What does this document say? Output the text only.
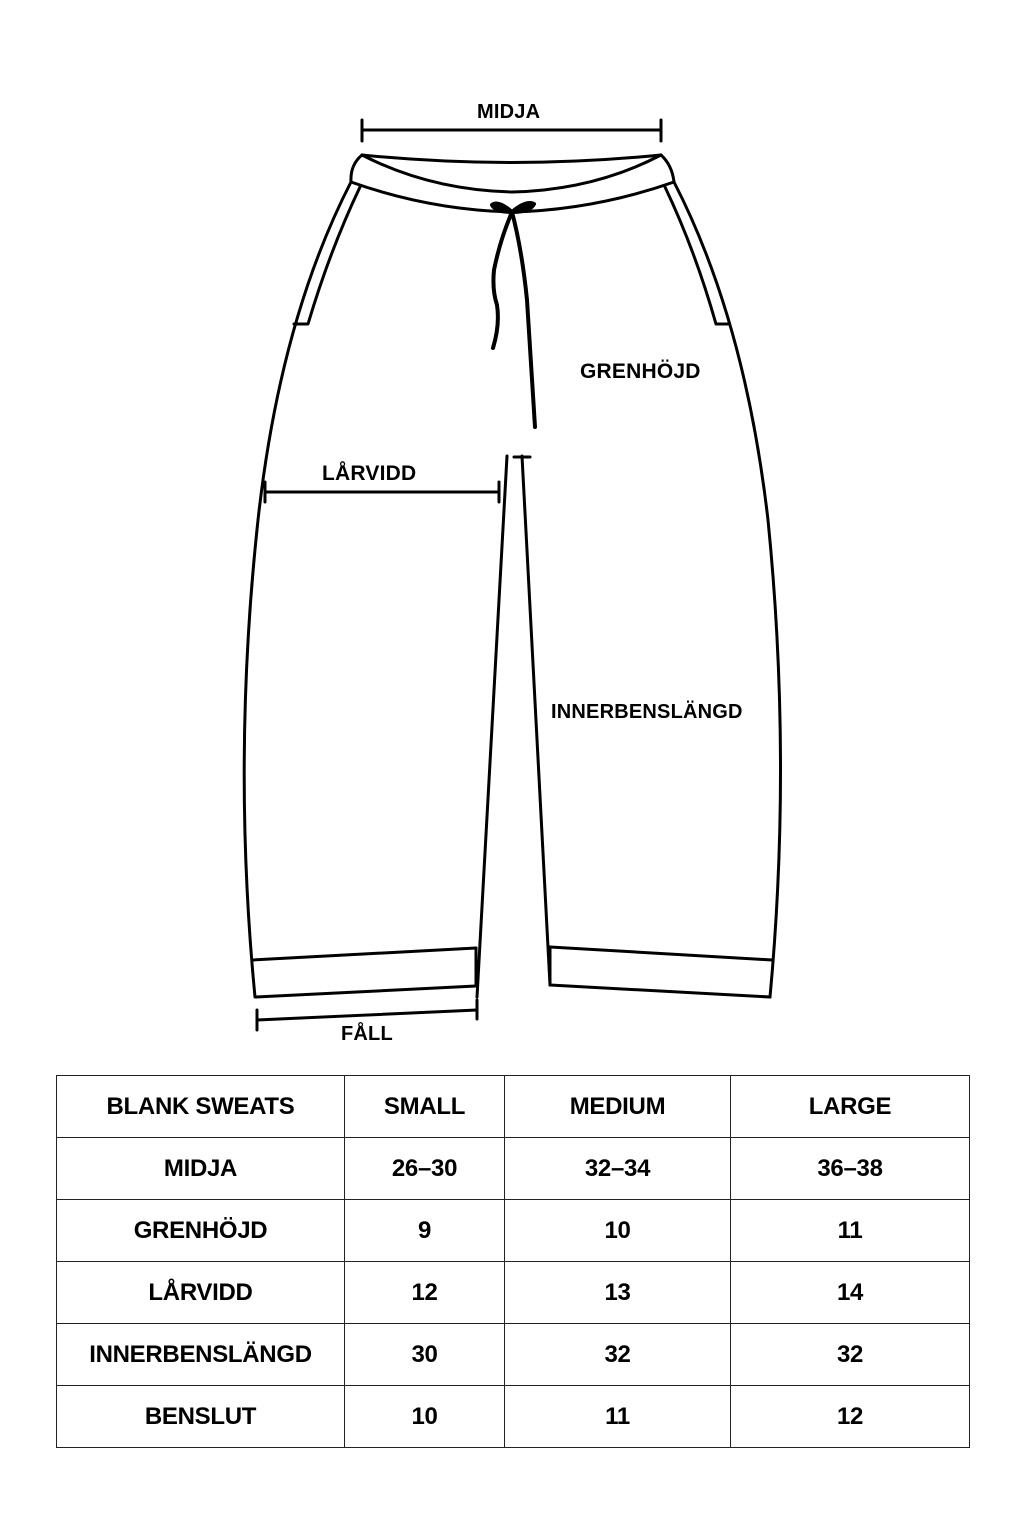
MIDJA
GRENHÖJD
LÅRVIDD
INNERBENSLÄNGD
FÅLL
BLANK SWEATS	SMALL	MEDIUM	LARGE
MIDJA	26–30	32–34	36–38
GRENHÖJD	9	10	11
LÅRVIDD	12	13	14
INNERBENSLÄNGD	30	32	32
BENSLUT	10	11	12
